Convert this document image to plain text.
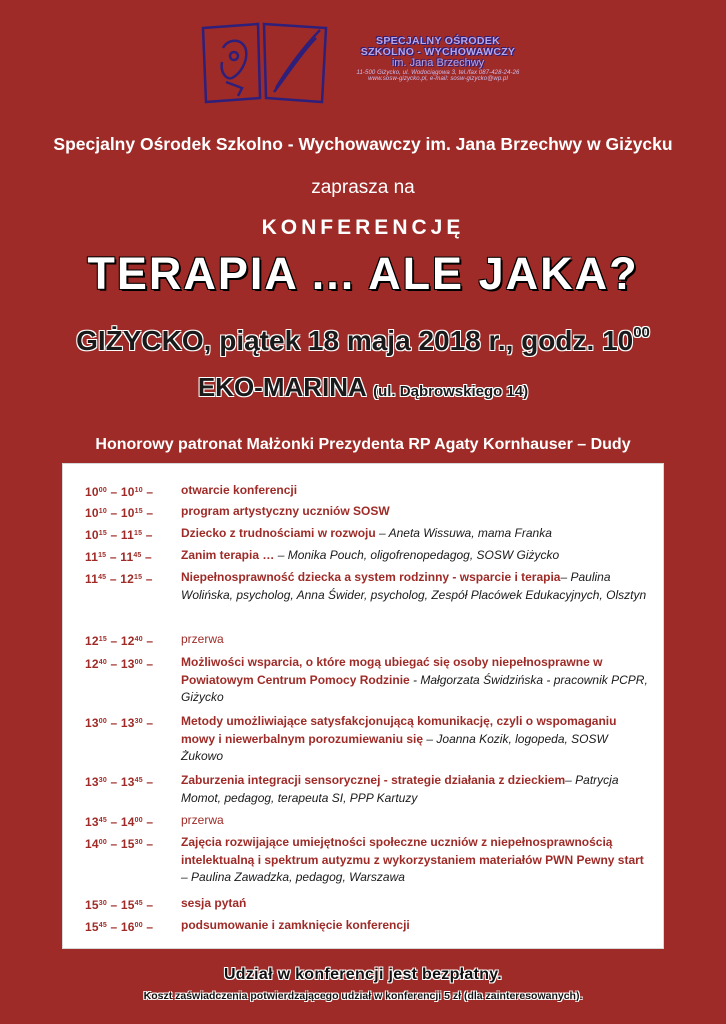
SPECJALNY OŚRODEK
SZKOLNO - WYCHOWAWCZY
im. Jana Brzechwy
11-500 Giżycko, ul. Wodociągowa 3, tel./fax 087-428-24-26
www.sosw-gizycko.pl, e-mail: sosw-gizycko@wp.pl
Specjalny Ośrodek Szkolno - Wychowawczy im. Jana Brzechwy w Giżycku
zaprasza na
KONFERENCJĘ
TERAPIA ... ALE JAKA?
GIŻYCKO, piątek 18 maja 2018 r., godz. $10^{00}$
EKO-MARINA (ul. Dąbrowskiego 14)
Honorowy patronat Małżonki Prezydenta RP Agaty Kornhauser – Dudy
$10^{00} - 10^{10}$ –	otwarcie konferencji
$10^{10} - 10^{15}$ –	program artystyczny uczniów SOSW
$10^{15} - 11^{15}$ –	Dziecko z trudnościami w rozwoju – Aneta Wissuwa, mama Franka
$11^{15} - 11^{45}$ –	Zanim terapia … – Monika Pouch, oligofrenopedagog, SOSW Giżycko
$11^{45} - 12^{15}$ –	Niepełnosprawność dziecka a system rodzinny - wsparcie i terapia– Paulina Wolińska, psycholog, Anna Świder, psycholog, Zespół Placówek Edukacyjnych, Olsztyn
$12^{15} - 12^{40}$ –	przerwa
$12^{40} - 13^{00}$ –	Możliwości wsparcia, o które mogą ubiegać się osoby niepełnosprawne w Powiatowym Centrum Pomocy Rodzinie - Małgorzata Świdzińska - pracownik PCPR, Giżycko
$13^{00} - 13^{30}$ –	Metody umożliwiające satysfakcjonującą komunikację, czyli o wspomaganiu mowy i niewerbalnym porozumiewaniu się – Joanna Kozik, logopeda, SOSW Żukowo
$13^{30} - 13^{45}$ –	Zaburzenia integracji sensorycznej - strategie działania z dzieckiem– Patrycja Momot, pedagog, terapeuta SI, PPP Kartuzy
$13^{45} - 14^{00}$ –	przerwa
$14^{00} - 15^{30}$ –	Zajęcia rozwijające umiejętności społeczne uczniów z niepełnosprawnością intelektualną i spektrum autyzmu z wykorzystaniem materiałów PWN Pewny start – Paulina Zawadzka, pedagog, Warszawa
$15^{30} - 15^{45}$ –	sesja pytań
$15^{45} - 16^{00}$ –	podsumowanie i zamknięcie konferencji
Udział w konferencji jest bezpłatny.
Koszt zaświadczenia potwierdzającego udział w konferencji 5 zł (dla zainteresowanych).
